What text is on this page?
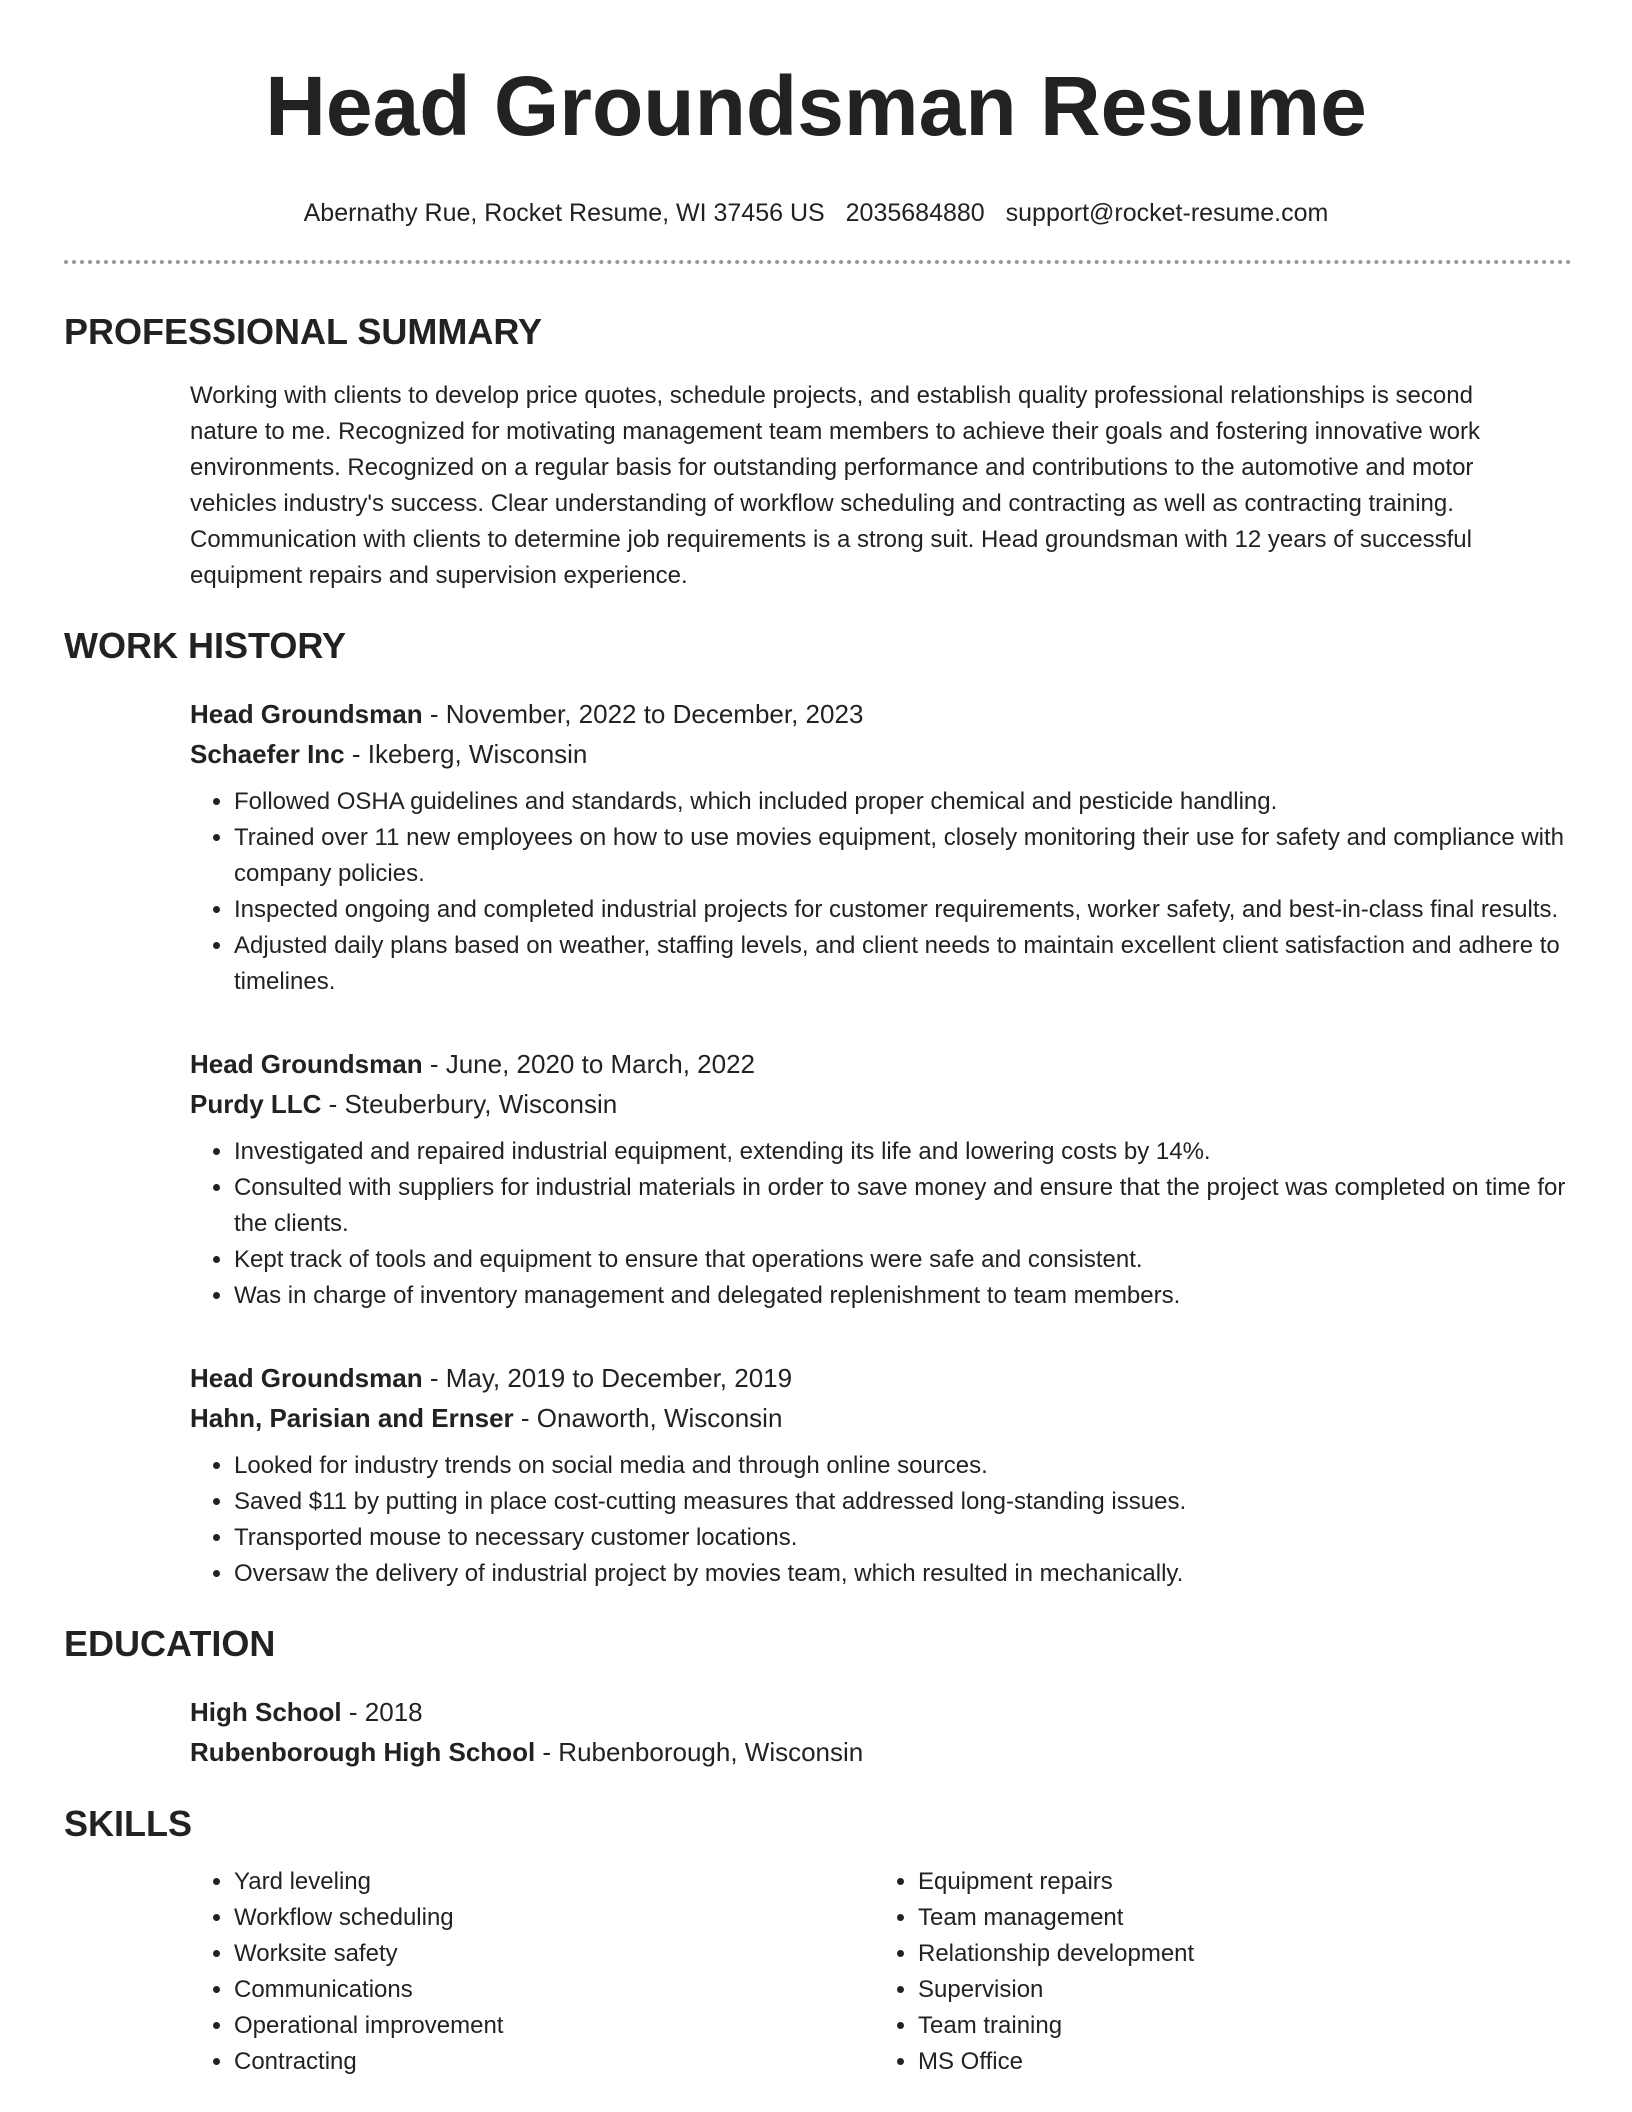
Head Groundsman Resume
Abernathy Rue, Rocket Resume, WI 37456 US 2035684880 support@rocket-resume.com
PROFESSIONAL SUMMARY
Working with clients to develop price quotes, schedule projects, and establish quality professional relationships is second nature to me. Recognized for motivating management team members to achieve their goals and fostering innovative work environments. Recognized on a regular basis for outstanding performance and contributions to the automotive and motor vehicles industry's success. Clear understanding of workflow scheduling and contracting as well as contracting training. Communication with clients to determine job requirements is a strong suit. Head groundsman with 12 years of successful equipment repairs and supervision experience.
WORK HISTORY
Head Groundsman - November, 2022 to December, 2023
Schaefer Inc - Ikeberg, Wisconsin
• Followed OSHA guidelines and standards, which included proper chemical and pesticide handling.
• Trained over 11 new employees on how to use movies equipment, closely monitoring their use for safety and compliance with company policies.
• Inspected ongoing and completed industrial projects for customer requirements, worker safety, and best-in-class final results.
• Adjusted daily plans based on weather, staffing levels, and client needs to maintain excellent client satisfaction and adhere to timelines.
Head Groundsman - June, 2020 to March, 2022
Purdy LLC - Steuberbury, Wisconsin
• Investigated and repaired industrial equipment, extending its life and lowering costs by 14%.
• Consulted with suppliers for industrial materials in order to save money and ensure that the project was completed on time for the clients.
• Kept track of tools and equipment to ensure that operations were safe and consistent.
• Was in charge of inventory management and delegated replenishment to team members.
Head Groundsman - May, 2019 to December, 2019
Hahn, Parisian and Ernser - Onaworth, Wisconsin
• Looked for industry trends on social media and through online sources.
• Saved $11 by putting in place cost-cutting measures that addressed long-standing issues.
• Transported mouse to necessary customer locations.
• Oversaw the delivery of industrial project by movies team, which resulted in mechanically.
EDUCATION
High School - 2018
Rubenborough High School - Rubenborough, Wisconsin
SKILLS
• Yard leveling
• Workflow scheduling
• Worksite safety
• Communications
• Operational improvement
• Contracting
• Equipment repairs
• Team management
• Relationship development
• Supervision
• Team training
• MS Office
